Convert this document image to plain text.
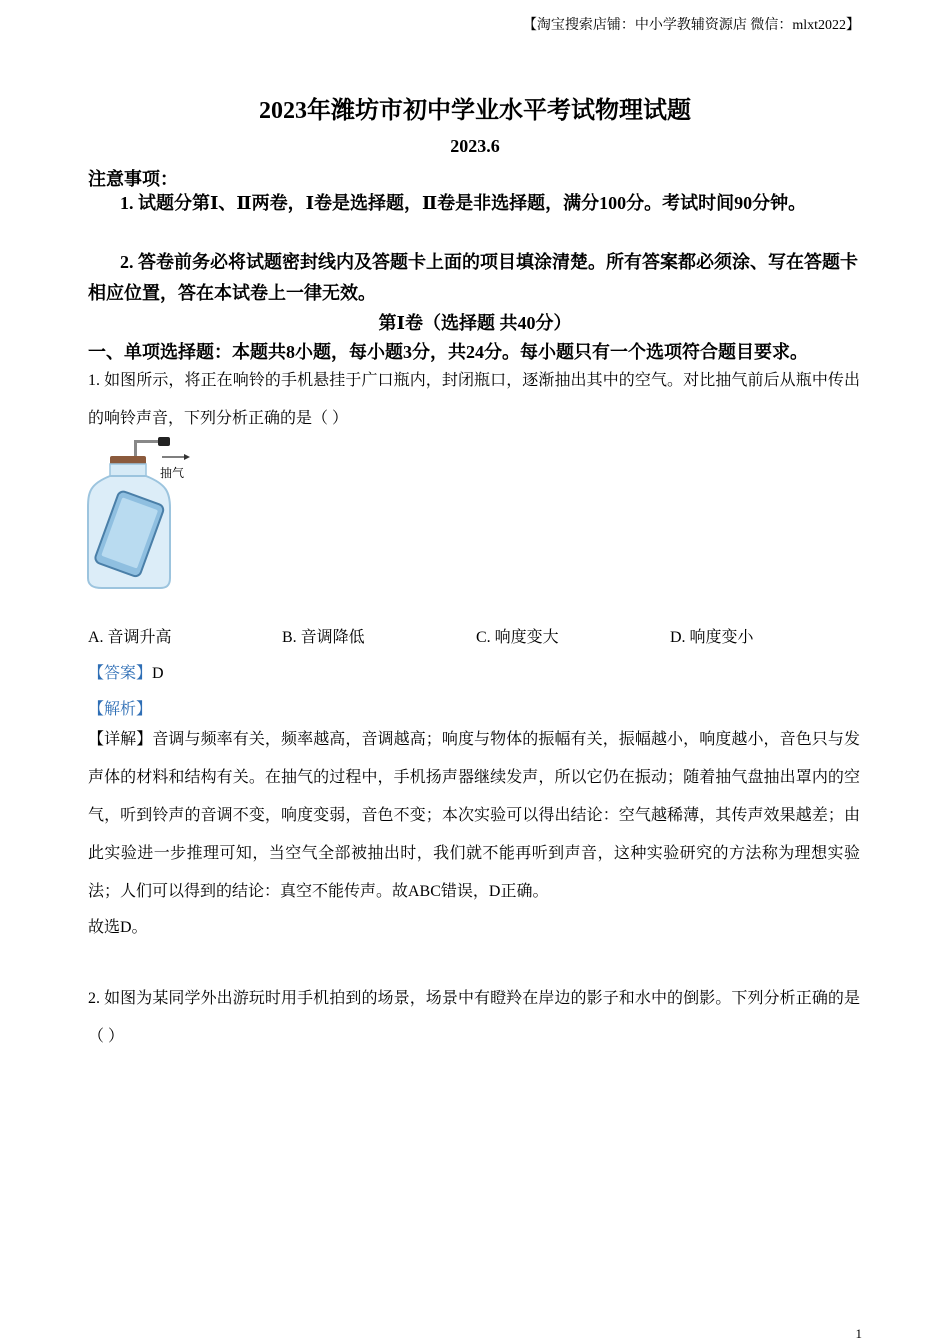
【淘宝搜索店铺：中小学教辅资源店 微信：mlxt2022】
2023年潍坊市初中学业水平考试物理试题
2023.6
注意事项：
1. 试题分第Ⅰ、Ⅱ两卷，Ⅰ卷是选择题，Ⅱ卷是非选择题，满分100分。考试时间90分钟。
2. 答卷前务必将试题密封线内及答题卡上面的项目填涂清楚。所有答案都必须涂、写在答题卡相应位置，答在本试卷上一律无效。
第Ⅰ卷（选择题 共40分）
一、单项选择题：本题共8小题，每小题3分，共24分。每小题只有一个选项符合题目要求。
1. 如图所示，将正在响铃的手机悬挂于广口瓶内，封闭瓶口，逐渐抽出其中的空气。对比抽气前后从瓶中传出的响铃声音，下列分析正确的是（ ）
抽气
A. 音调升高	B. 音调降低	C. 响度变大	D. 响度变小
【答案】D
【解析】
【详解】音调与频率有关，频率越高，音调越高；响度与物体的振幅有关，振幅越小，响度越小，音色只与发声体的材料和结构有关。在抽气的过程中，手机扬声器继续发声，所以它仍在振动；随着抽气盘抽出罩内的空气，听到铃声的音调不变，响度变弱，音色不变；本次实验可以得出结论：空气越稀薄，其传声效果越差；由此实验进一步推理可知，当空气全部被抽出时，我们就不能再听到声音，这种实验研究的方法称为理想实验法；人们可以得到的结论：真空不能传声。故ABC错误，D正确。
故选D。
2. 如图为某同学外出游玩时用手机拍到的场景，场景中有瞪羚在岸边的影子和水中的倒影。下列分析正确的是（ ）
1
